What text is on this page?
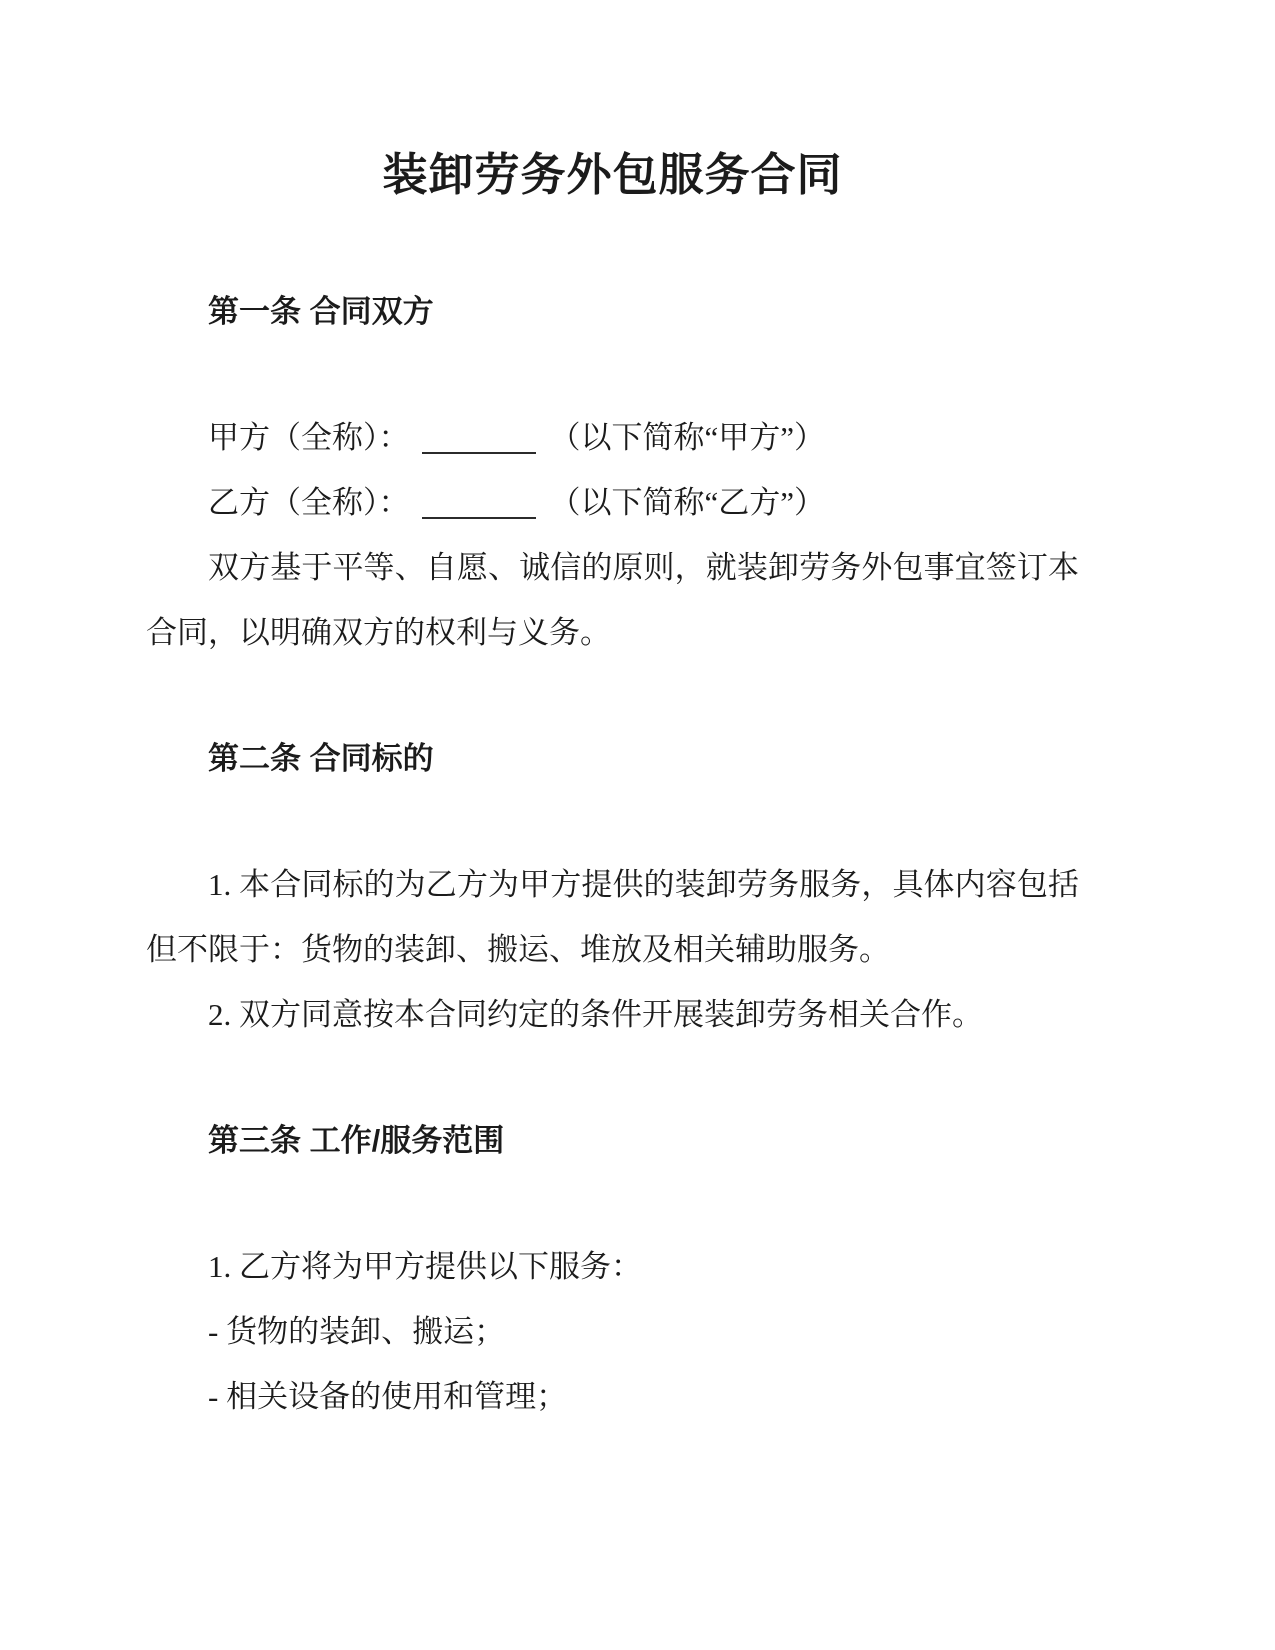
装卸劳务外包服务合同
第一条 合同双方

甲方（全称）：	（以下简称“甲方”）

乙方（全称）：	（以下简称“乙方”）

双方基于平等、自愿、诚信的原则，就装卸劳务外包事宜签订本合同，以明确双方的权利与义务。

第二条 合同标的

1. 本合同标的为乙方为甲方提供的装卸劳务服务，具体内容包括但不限于：货物的装卸、搬运、堆放及相关辅助服务。

2. 双方同意按本合同约定的条件开展装卸劳务相关合作。

第三条 工作/服务范围

1. 乙方将为甲方提供以下服务：

- 货物的装卸、搬运；

- 相关设备的使用和管理；
